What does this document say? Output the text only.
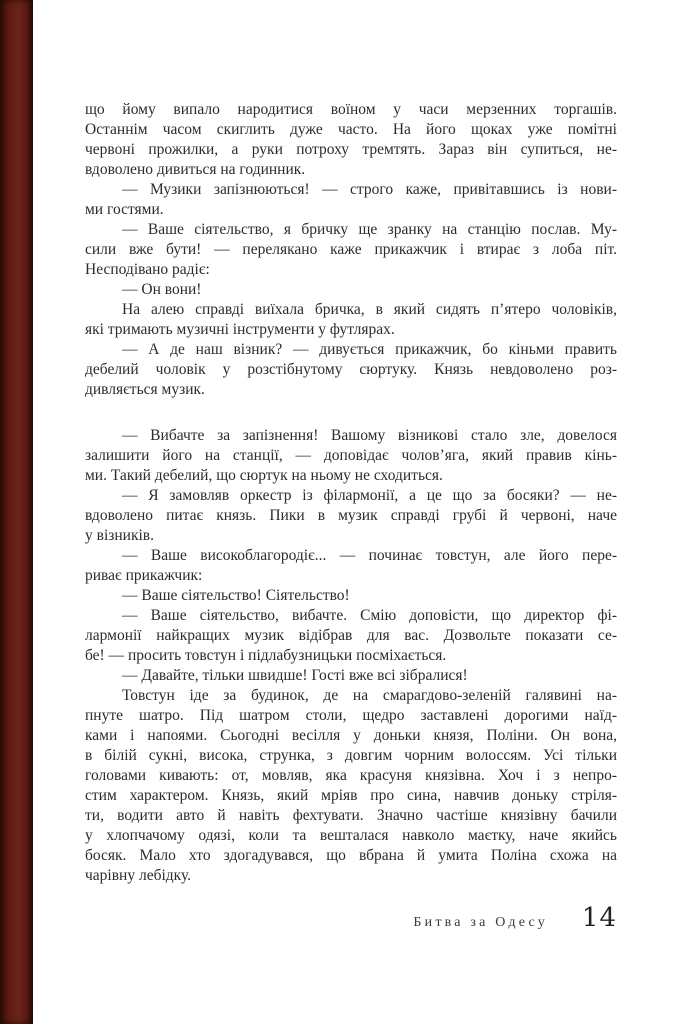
що йому випало народитися воїном у часи мерзенних торгашів.
Останнім часом скиглить дуже часто. На його щоках уже помітні
червоні прожилки, а руки потроху тремтять. Зараз він супиться, не-
вдоволено дивиться на годинник.
— Музики запізнюються! — строго каже, привітавшись із нови-
ми гостями.
— Ваше сіятельство, я бричку ще зранку на станцію послав. Му-
сили вже бути! — перелякано каже прикажчик і втирає з лоба піт.
Несподівано радіє:
— Он вони!
На алею справді виїхала бричка, в який сидять п’ятеро чоловіків,
які тримають музичні інструменти у футлярах.
— А де наш візник? — дивується прикажчик, бо кіньми править
дебелий чоловік у розстібнутому сюртуку. Князь невдоволено роз-
дивляється музик.
— Вибачте за запізнення! Вашому візникові стало зле, довелося
залишити його на станції, — доповідає чолов’яга, який правив кінь-
ми. Такий дебелий, що сюртук на ньому не сходиться.
— Я замовляв оркестр із філармонії, а це що за босяки? — не-
вдоволено питає князь. Пики в музик справді грубі й червоні, наче
у візників.
— Ваше високоблагородіє... — починає товстун, але його пере-
риває прикажчик:
— Ваше сіятельство! Сіятельство!
— Ваше сіятельство, вибачте. Смію доповісти, що директор фі-
лармонії найкращих музик відібрав для вас. Дозвольте показати се-
бе! — просить товстун і підлабузницьки посміхається.
— Давайте, тільки швидше! Гості вже всі зібралися!
Товстун іде за будинок, де на смарагдово-зеленій галявині на-
пнуте шатро. Під шатром столи, щедро заставлені дорогими наїд-
ками і напоями. Сьогодні весілля у доньки князя, Поліни. Он вона,
в білій сукні, висока, струнка, з довгим чорним волоссям. Усі тільки
головами кивають: от, мовляв, яка красуня князівна. Хоч і з непро-
стим характером. Князь, який мріяв про сина, навчив доньку стріля-
ти, водити авто й навіть фехтувати. Значно частіше князівну бачили
у хлопчачому одязі, коли та вешталася навколо маєтку, наче якийсь
босяк. Мало хто здогадувався, що вбрана й умита Поліна схожа на
чарівну лебідку.
Битва за Одесу 14
